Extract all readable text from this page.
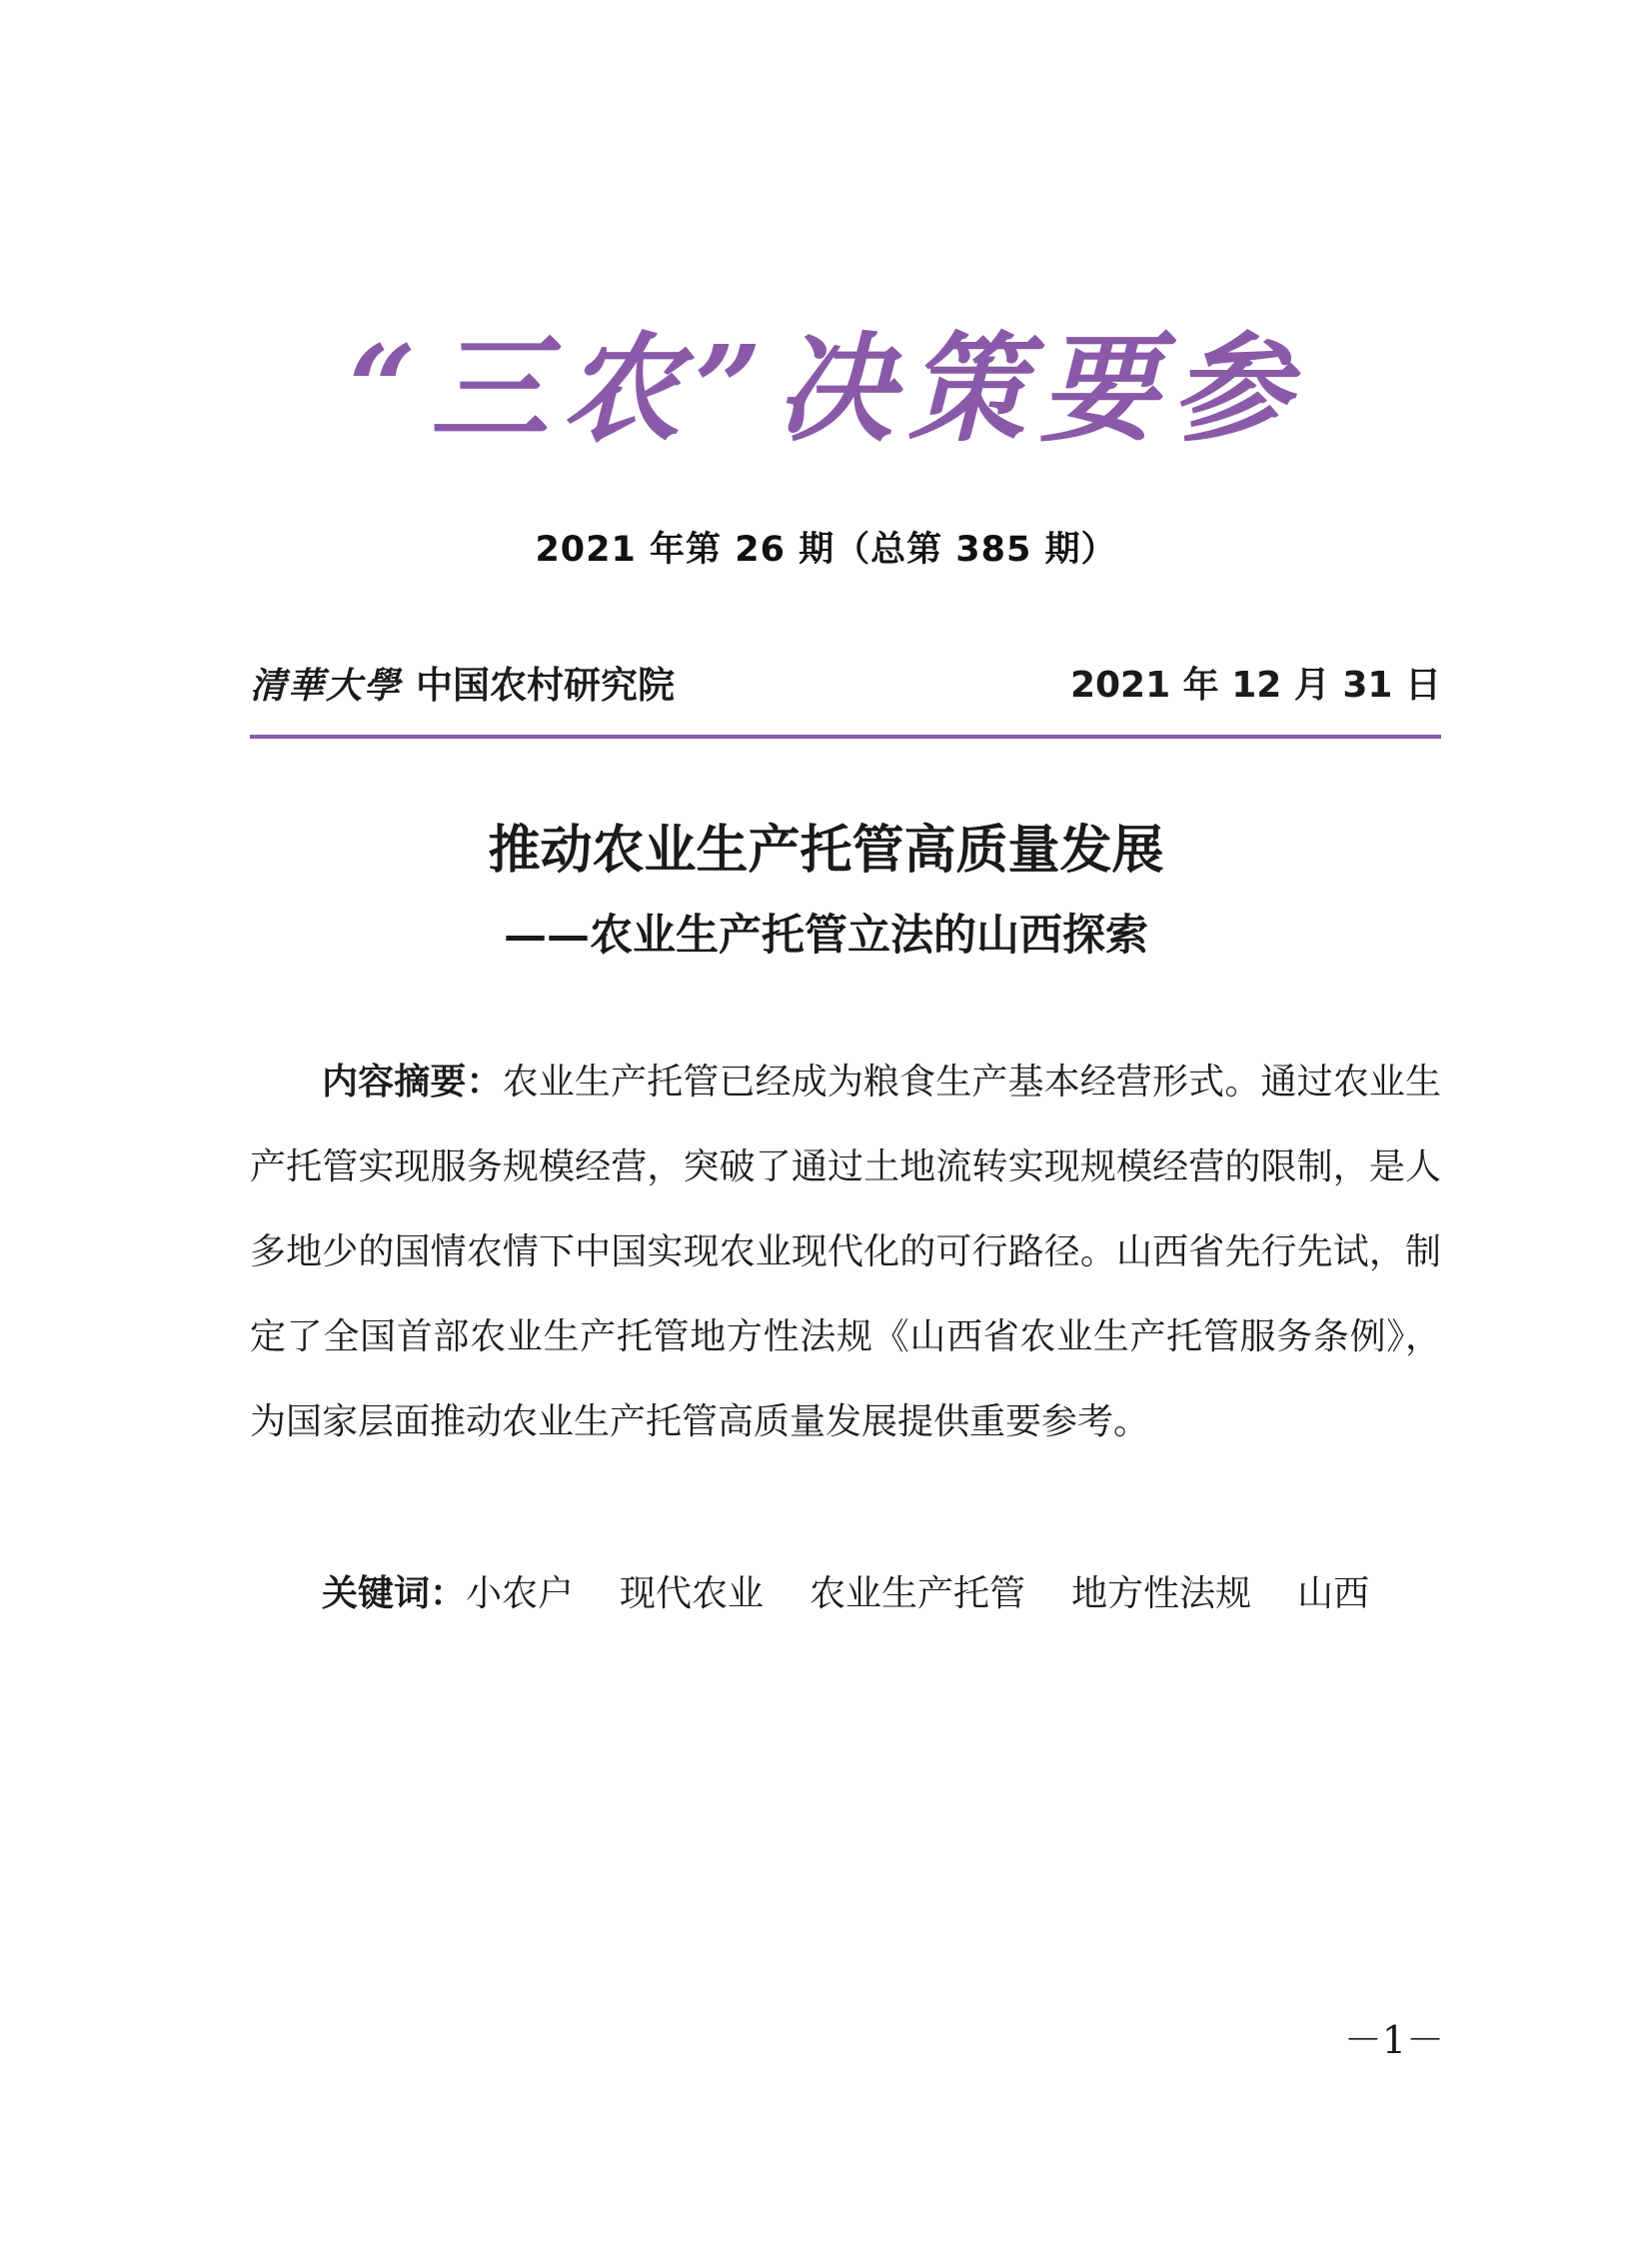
“三农”决策要参
2021 年第 26 期（总第 385 期）
清華大學 中国农村研究院	2021 年 12 月 31 日
推动农业生产托管高质量发展
——农业生产托管立法的山西探索

内容摘要：农业生产托管已经成为粮食生产基本经营形式。通过农业生产托管实现服务规模经营，突破了通过土地流转实现规模经营的限制，是人多地少的国情农情下中国实现农业现代化的可行路径。山西省先行先试，制定了全国首部农业生产托管地方性法规《山西省农业生产托管服务条例》，为国家层面推动农业生产托管高质量发展提供重要参考。

关键词：小农户 现代农业 农业生产托管 地方性法规 山西
－1－
